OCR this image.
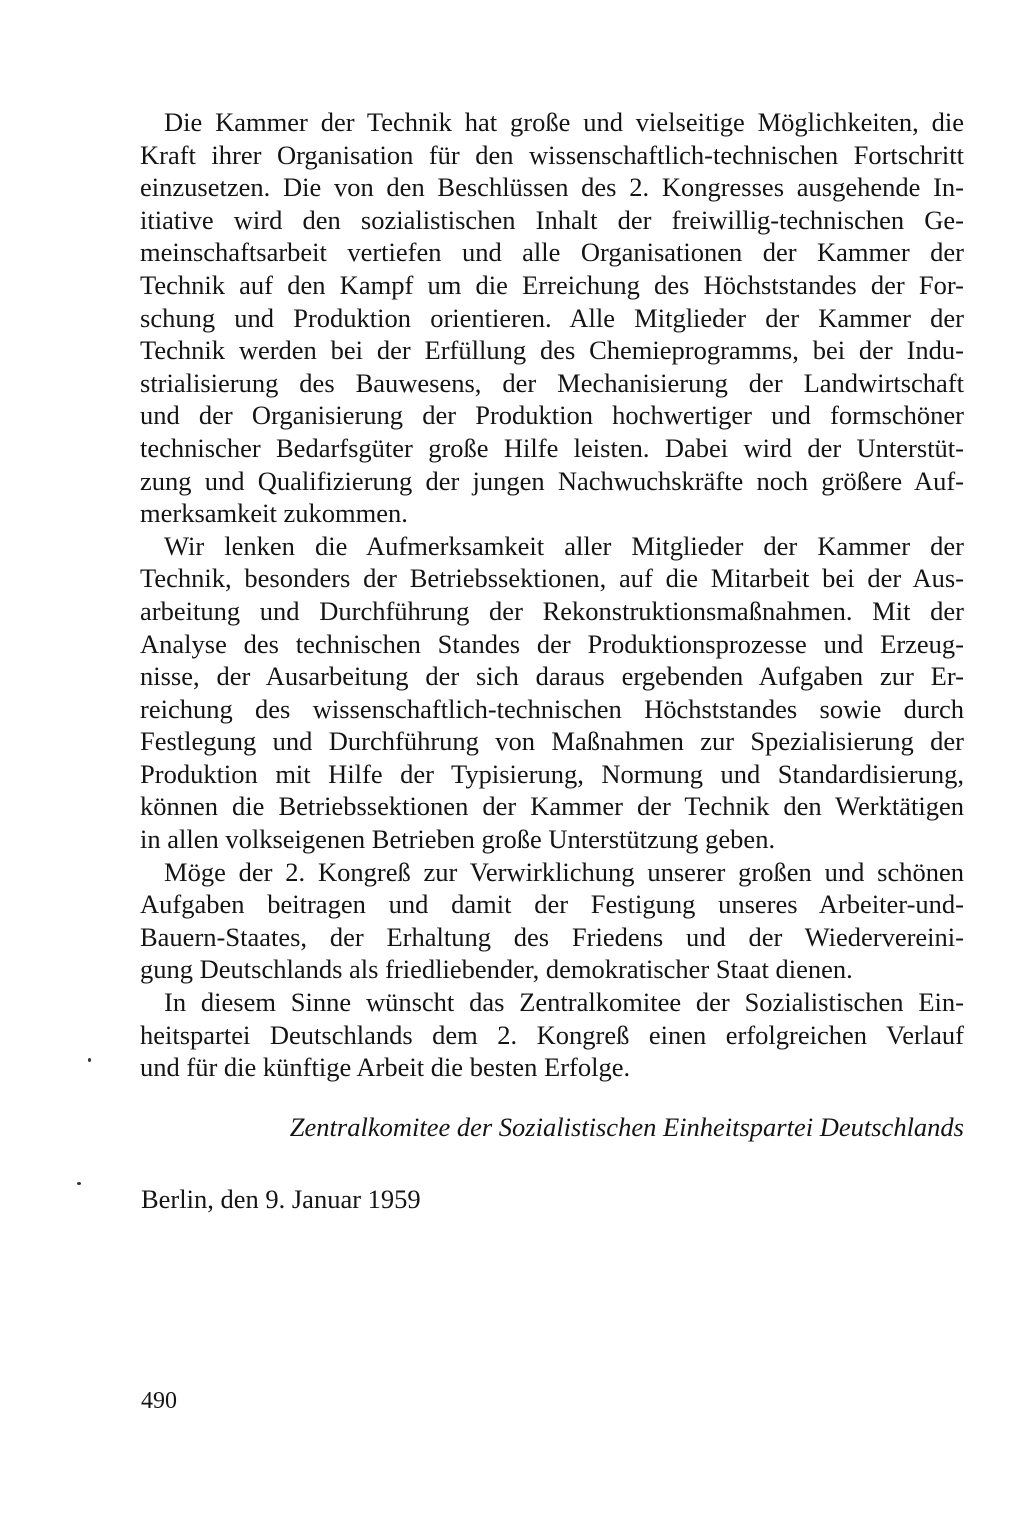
Die Kammer der Technik hat große und vielseitige Möglichkeiten, die
Kraft ihrer Organisation für den wissenschaftlich-technischen Fortschritt
einzusetzen. Die von den Beschlüssen des 2. Kongresses ausgehende In-
itiative wird den sozialistischen Inhalt der freiwillig-technischen Ge-
meinschaftsarbeit vertiefen und alle Organisationen der Kammer der
Technik auf den Kampf um die Erreichung des Höchststandes der For-
schung und Produktion orientieren. Alle Mitglieder der Kammer der
Technik werden bei der Erfüllung des Chemieprogramms, bei der Indu-
strialisierung des Bauwesens, der Mechanisierung der Landwirtschaft
und der Organisierung der Produktion hochwertiger und formschöner
technischer Bedarfsgüter große Hilfe leisten. Dabei wird der Unterstüt-
zung und Qualifizierung der jungen Nachwuchskräfte noch größere Auf-
merksamkeit zukommen.
Wir lenken die Aufmerksamkeit aller Mitglieder der Kammer der
Technik, besonders der Betriebssektionen, auf die Mitarbeit bei der Aus-
arbeitung und Durchführung der Rekonstruktionsmaßnahmen. Mit der
Analyse des technischen Standes der Produktionsprozesse und Erzeug-
nisse, der Ausarbeitung der sich daraus ergebenden Aufgaben zur Er-
reichung des wissenschaftlich-technischen Höchststandes sowie durch
Festlegung und Durchführung von Maßnahmen zur Spezialisierung der
Produktion mit Hilfe der Typisierung, Normung und Standardisierung,
können die Betriebssektionen der Kammer der Technik den Werktätigen
in allen volkseigenen Betrieben große Unterstützung geben.
Möge der 2. Kongreß zur Verwirklichung unserer großen und schönen
Aufgaben beitragen und damit der Festigung unseres Arbeiter-und-
Bauern-Staates, der Erhaltung des Friedens und der Wiedervereini-
gung Deutschlands als friedliebender, demokratischer Staat dienen.
In diesem Sinne wünscht das Zentralkomitee der Sozialistischen Ein-
heitspartei Deutschlands dem 2. Kongreß einen erfolgreichen Verlauf
und für die künftige Arbeit die besten Erfolge.
Zentralkomitee der Sozialistischen Einheitspartei Deutschlands
Berlin, den 9. Januar 1959
490
